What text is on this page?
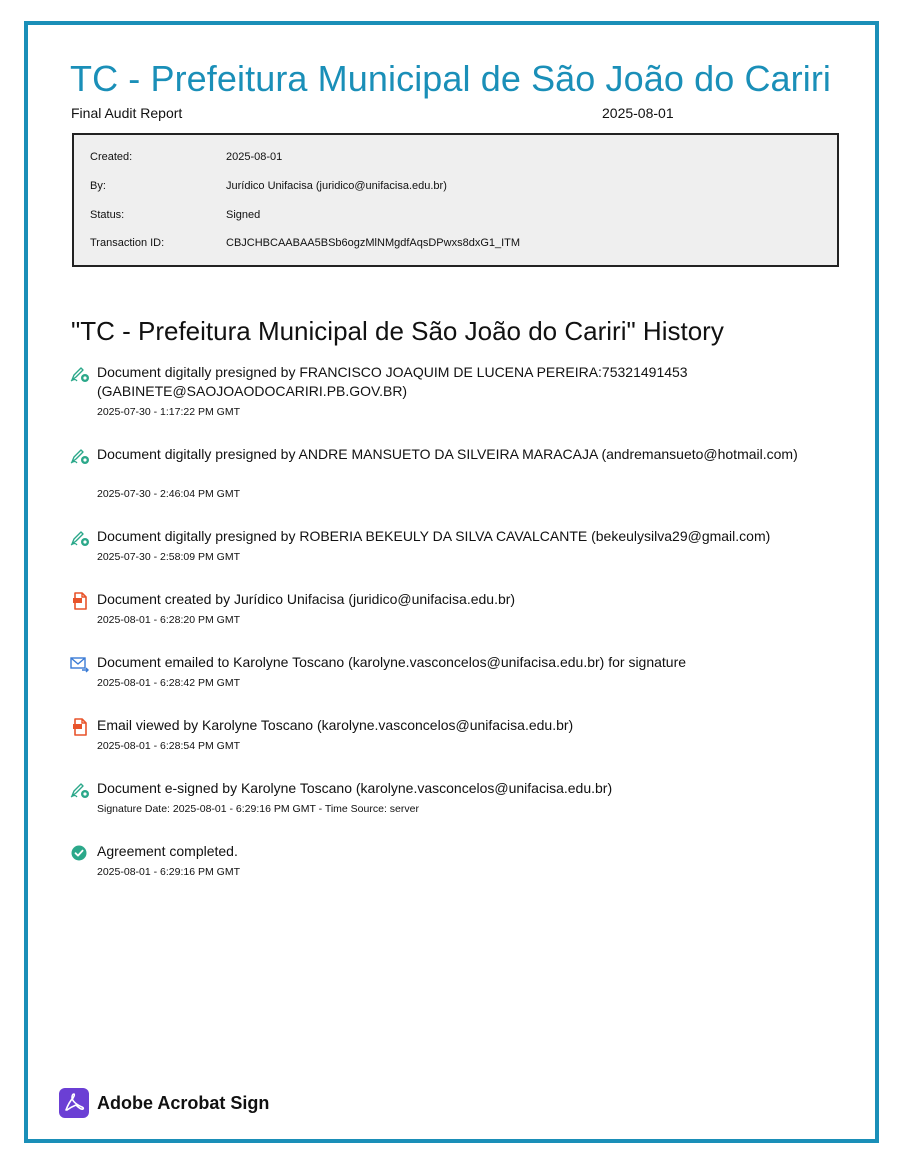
TC - Prefeitura Municipal de São João do Cariri
Final Audit Report	2025-08-01
Created:	2025-08-01
By:	Jurídico Unifacisa (juridico@unifacisa.edu.br)
Status:	Signed
Transaction ID:	CBJCHBCAABAA5BSb6ogzMlNMgdfAqsDPwxs8dxG1_ITM
"TC - Prefeitura Municipal de São João do Cariri" History
Document digitally presigned by FRANCISCO JOAQUIM DE LUCENA PEREIRA:75321491453 (GABINETE@SAOJOAODOCARIRI.PB.GOV.BR)
2025-07-30 - 1:17:22 PM GMT
Document digitally presigned by ANDRE MANSUETO DA SILVEIRA MARACAJA (andremansueto@hotmail.com)
2025-07-30 - 2:46:04 PM GMT
Document digitally presigned by ROBERIA BEKEULY DA SILVA CAVALCANTE (bekeulysilva29@gmail.com)
2025-07-30 - 2:58:09 PM GMT
Document created by Jurídico Unifacisa (juridico@unifacisa.edu.br)
2025-08-01 - 6:28:20 PM GMT
Document emailed to Karolyne Toscano (karolyne.vasconcelos@unifacisa.edu.br) for signature
2025-08-01 - 6:28:42 PM GMT
Email viewed by Karolyne Toscano (karolyne.vasconcelos@unifacisa.edu.br)
2025-08-01 - 6:28:54 PM GMT
Document e-signed by Karolyne Toscano (karolyne.vasconcelos@unifacisa.edu.br)
Signature Date: 2025-08-01 - 6:29:16 PM GMT - Time Source: server
Agreement completed.
2025-08-01 - 6:29:16 PM GMT
Adobe Acrobat Sign
